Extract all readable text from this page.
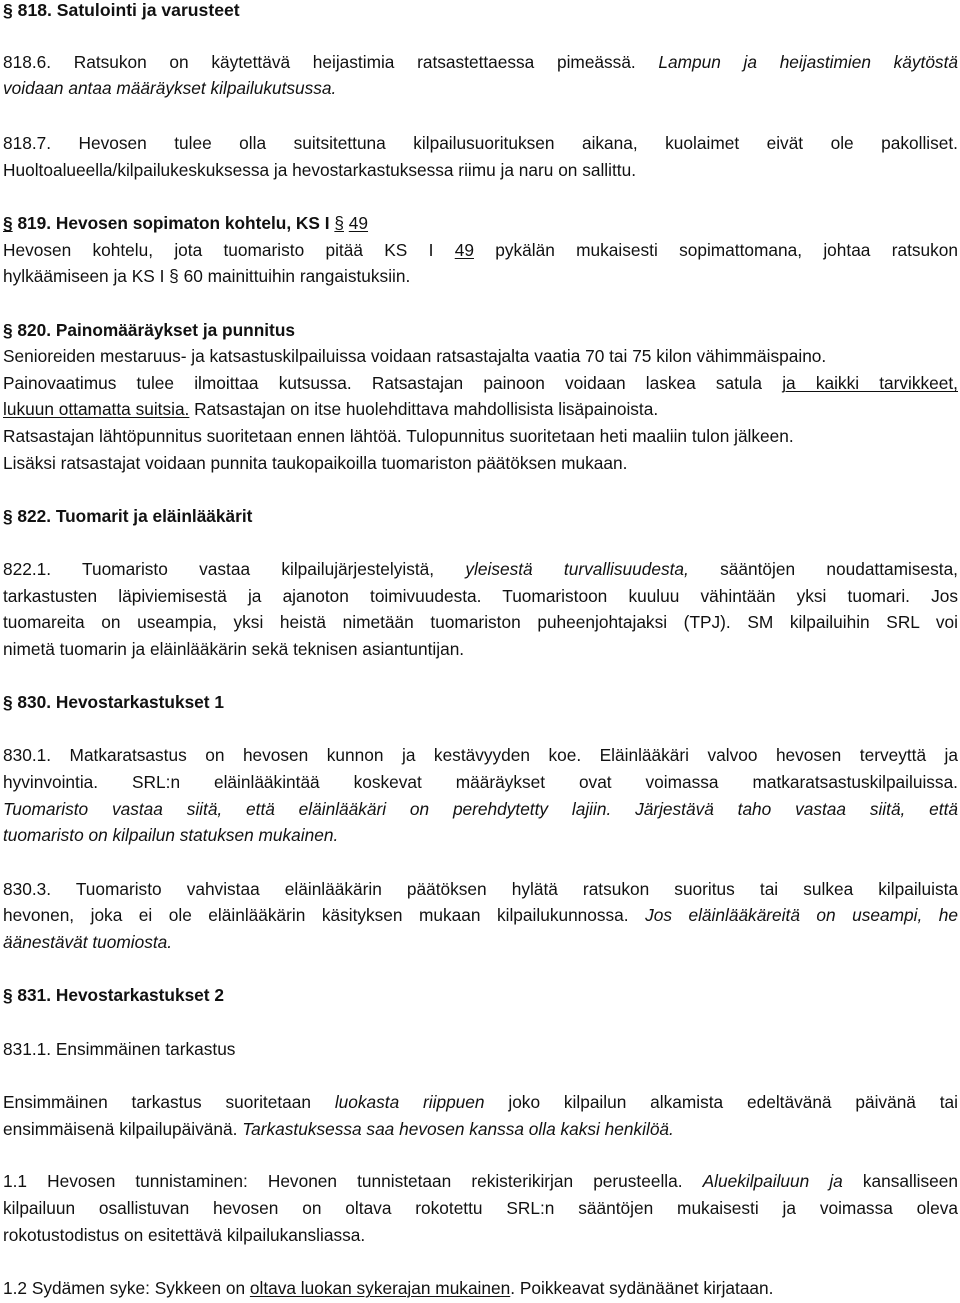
§ 818. Satulointi ja varusteet
818.6. Ratsukon on käytettävä heijastimia ratsastettaessa pimeässä. Lampun ja heijastimien käytöstä
voidaan antaa määräykset kilpailukutsussa.
818.7. Hevosen tulee olla suitsitettuna kilpailusuorituksen aikana, kuolaimet eivät ole pakolliset.
Huoltoalueella/kilpailukeskuksessa ja hevostarkastuksessa riimu ja naru on sallittu.
§ 819. Hevosen sopimaton kohtelu, KS I § 49
Hevosen kohtelu, jota tuomaristo pitää KS I 49 pykälän mukaisesti sopimattomana, johtaa ratsukon
hylkäämiseen ja KS I § 60 mainittuihin rangaistuksiin.
§ 820. Painomääräykset ja punnitus
Senioreiden mestaruus- ja katsastuskilpailuissa voidaan ratsastajalta vaatia 70 tai 75 kilon vähimmäispaino.
Painovaatimus tulee ilmoittaa kutsussa. Ratsastajan painoon voidaan laskea satula ja kaikki tarvikkeet,
lukuun ottamatta suitsia. Ratsastajan on itse huolehdittava mahdollisista lisäpainoista.
Ratsastajan lähtöpunnitus suoritetaan ennen lähtöä. Tulopunnitus suoritetaan heti maaliin tulon jälkeen.
Lisäksi ratsastajat voidaan punnita taukopaikoilla tuomariston päätöksen mukaan.
§ 822. Tuomarit ja eläinlääkärit
822.1. Tuomaristo vastaa kilpailujärjestelyistä, yleisestä turvallisuudesta, sääntöjen noudattamisesta,
tarkastusten läpiviemisestä ja ajanoton toimivuudesta. Tuomaristoon kuuluu vähintään yksi tuomari. Jos
tuomareita on useampia, yksi heistä nimetään tuomariston puheenjohtajaksi (TPJ). SM kilpailuihin SRL voi
nimetä tuomarin ja eläinlääkärin sekä teknisen asiantuntijan.
§ 830. Hevostarkastukset 1
830.1. Matkaratsastus on hevosen kunnon ja kestävyyden koe. Eläinlääkäri valvoo hevosen terveyttä ja
hyvinvointia. SRL:n eläinlääkintää koskevat määräykset ovat voimassa matkaratsastuskilpailuissa.
Tuomaristo vastaa siitä, että eläinlääkäri on perehdytetty lajiin. Järjestävä taho vastaa siitä, että
tuomaristo on kilpailun statuksen mukainen.
830.3. Tuomaristo vahvistaa eläinlääkärin päätöksen hylätä ratsukon suoritus tai sulkea kilpailuista
hevonen, joka ei ole eläinlääkärin käsityksen mukaan kilpailukunnossa. Jos eläinlääkäreitä on useampi, he
äänestävät tuomiosta.
§ 831. Hevostarkastukset 2
831.1. Ensimmäinen tarkastus
Ensimmäinen tarkastus suoritetaan luokasta riippuen joko kilpailun alkamista edeltävänä päivänä tai
ensimmäisenä kilpailupäivänä. Tarkastuksessa saa hevosen kanssa olla kaksi henkilöä.
1.1 Hevosen tunnistaminen: Hevonen tunnistetaan rekisterikirjan perusteella. Aluekilpailuun ja kansalliseen
kilpailuun osallistuvan hevosen on oltava rokotettu SRL:n sääntöjen mukaisesti ja voimassa oleva
rokotustodistus on esitettävä kilpailukansliassa.
1.2 Sydämen syke: Sykkeen on oltava luokan sykerajan mukainen. Poikkeavat sydänäänet kirjataan.
